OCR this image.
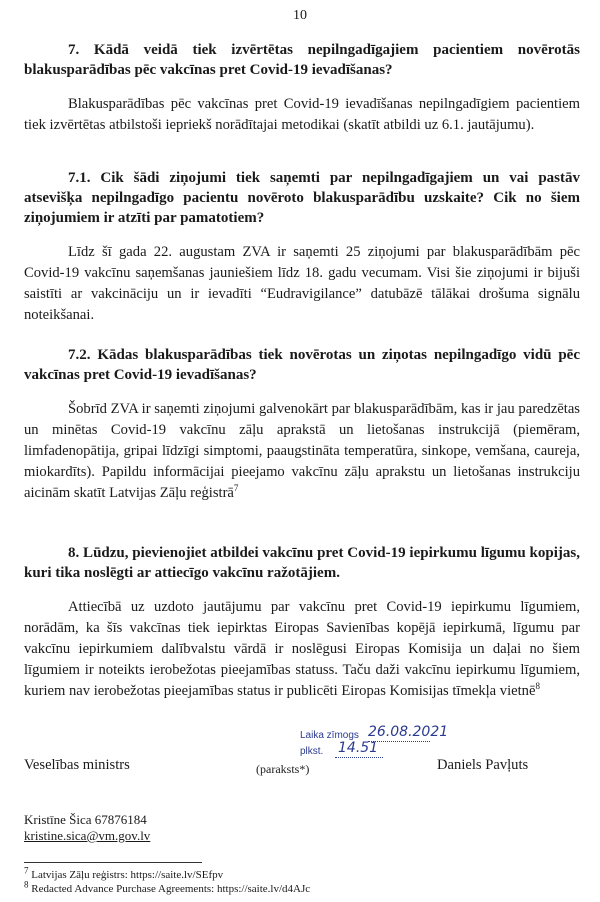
10

7. Kādā veidā tiek izvērtētas nepilngadīgajiem pacientiem novērotās blakusparādības pēc vakcīnas pret Covid-19 ievadīšanas?

Blakusparādības pēc vakcīnas pret Covid-19 ievadīšanas nepilngadīgiem pacientiem tiek izvērtētas atbilstoši iepriekš norādītajai metodikai (skatīt atbildi uz 6.1. jautājumu).

7.1. Cik šādi ziņojumi tiek saņemti par nepilngadīgajiem un vai pastāv atsevišķa nepilngadīgo pacientu novēroto blakusparādību uzskaite? Cik no šiem ziņojumiem ir atzīti par pamatotiem?

Līdz šī gada 22. augustam ZVA ir saņemti 25 ziņojumi par blakusparādībām pēc Covid-19 vakcīnu saņemšanas jauniešiem līdz 18. gadu vecumam. Visi šie ziņojumi ir bijuši saistīti ar vakcināciju un ir ievadīti “Eudravigilance” datubāzē tālākai drošuma signālu noteikšanai.

7.2. Kādas blakusparādības tiek novērotas un ziņotas nepilngadīgo vidū pēc vakcīnas pret Covid-19 ievadīšanas?

Šobrīd ZVA ir saņemti ziņojumi galvenokārt par blakusparādībām, kas ir jau paredzētas un minētas Covid-19 vakcīnu zāļu aprakstā un lietošanas instrukcijā (piemēram, limfadenopātija, gripai līdzīgi simptomi, paaugstināta temperatūra, sinkope, vemšana, caureja, miokardīts). Papildu informācijai pieejamo vakcīnu zāļu aprakstu un lietošanas instrukciju aicinām skatīt Latvijas Zāļu reģistrā$^7$

8. Lūdzu, pievienojiet atbildei vakcīnu pret Covid-19 iepirkumu līgumu kopijas, kuri tika noslēgti ar attiecīgo vakcīnu ražotājiem.

Attiecībā uz uzdoto jautājumu par vakcīnu pret Covid-19 iepirkumu līgumiem, norādām, ka šīs vakcīnas tiek iepirktas Eiropas Savienības kopējā iepirkumā, līgumu par vakcīnu iepirkumiem dalībvalstu vārdā ir noslēgusi Eiropas Komisija un daļai no šiem līgumiem ir noteikts ierobežotas pieejamības statuss. Taču daži vakcīnu iepirkumu līgumiem, kuriem nav ierobežotas pieejamības status ir publicēti Eiropas Komisijas tīmekļa vietnē$^8$

Laika zīmogs 26.08.2021
plkst. 14.51
Veselības ministrs	(paraksts*)	Daniels Pavļuts
Kristīne Šica 67876184
kristine.sica@vm.gov.lv
$^7$ Latvijas Zāļu reģistrs: https://saite.lv/SEfpv
$^8$ Redacted Advance Purchase Agreements: https://saite.lv/d4AJc
